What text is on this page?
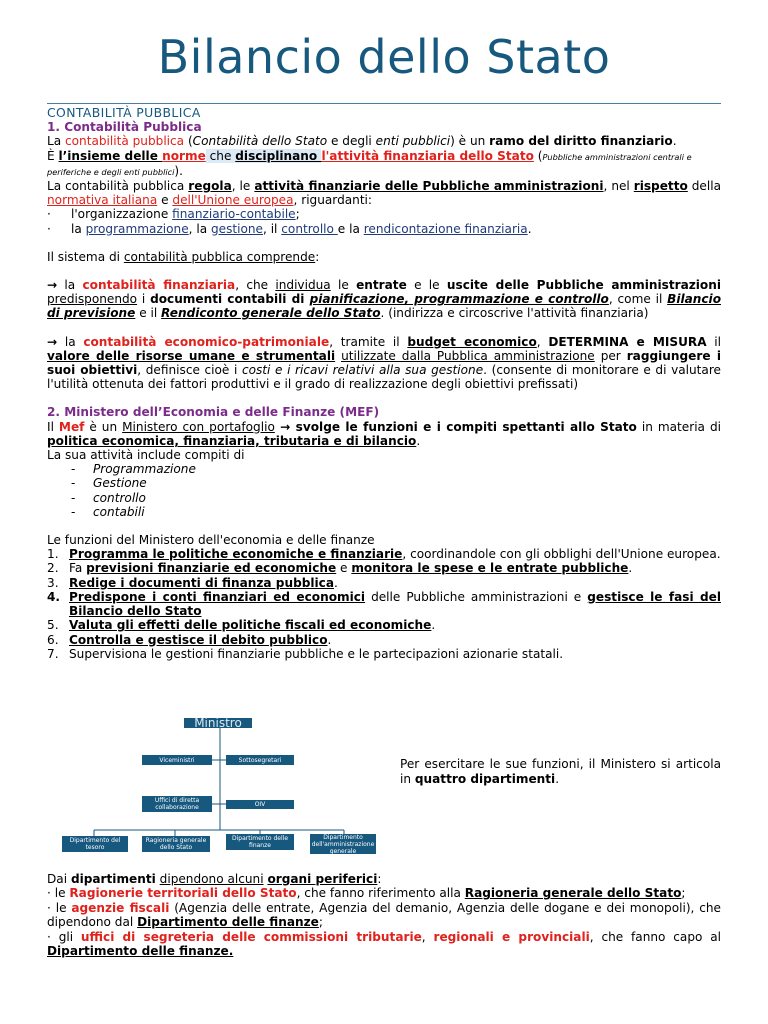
Bilancio dello Stato

CONTABILITÀ PUBBLICA

1. Contabilità Pubblica

La contabilità pubblica (Contabilità dello Stato e degli enti pubblici) è un ramo del diritto finanziario.

È l’insieme delle norme che disciplinano l'attività finanziaria dello Stato (Pubbliche amministrazioni centrali e periferiche e degli enti pubblici).

La contabilità pubblica regola, le attività finanziarie delle Pubbliche amministrazioni, nel rispetto della normativa italiana e dell'Unione europea, riguardanti:

·	l'organizzazione finanziario-contabile;
·	la programmazione, la gestione, il controllo e la rendicontazione finanziaria.

Il sistema di contabilità pubblica comprende:

→ la contabilità finanziaria, che individua le entrate e le uscite delle Pubbliche amministrazioni predisponendo i documenti contabili di pianificazione, programmazione e controllo, come il Bilancio di previsione e il Rendiconto generale dello Stato. (indirizza e circoscrive l'attività finanziaria)

→ la contabilità economico-patrimoniale, tramite il budget economico, DETERMINA e MISURA il valore delle risorse umane e strumentali utilizzate dalla Pubblica amministrazione per raggiungere i suoi obiettivi, definisce cioè i costi e i ricavi relativi alla sua gestione. (consente di monitorare e di valutare l'utilità ottenuta dei fattori produttivi e il grado di realizzazione degli obiettivi prefissati)

2. Ministero dell’Economia e delle Finanze (MEF)

Il Mef è un Ministero con portafoglio → svolge le funzioni e i compiti spettanti allo Stato in materia di politica economica, finanziaria, tributaria e di bilancio.

La sua attività include compiti di

-	Programmazione
-	Gestione
-	controllo
-	contabili

Le funzioni del Ministero dell'economia e delle finanze

1. Programma le politiche economiche e finanziarie, coordinandole con gli obblighi dell'Unione europea.
2. Fa previsioni finanziarie ed economiche e monitora le spese e le entrate pubbliche.
3. Redige i documenti di finanza pubblica.
4. Predispone i conti finanziari ed economici delle Pubbliche amministrazioni e gestisce le fasi del Bilancio dello Stato
5. Valuta gli effetti delle politiche fiscali ed economiche.
6. Controlla e gestisce il debito pubblico.
7. Supervisiona le gestioni finanziarie pubbliche e le partecipazioni azionarie statali.
Ministro
Viceministri	Sottosegretari
Uffici di diretta collaborazione	OIV
Dipartimento del tesoro
Ragioneria generale dello Stato
Dipartimento delle finanze
Dipartimento dell'amministrazione generale

Per esercitare le sue funzioni, il Ministero si articola in quattro dipartimenti.

Dai dipartimenti dipendono alcuni organi periferici:

· le Ragionerie territoriali dello Stato, che fanno riferimento alla Ragioneria generale dello Stato;

· le agenzie fiscali (Agenzia delle entrate, Agenzia del demanio, Agenzia delle dogane e dei monopoli), che dipendono dal Dipartimento delle finanze;

· gli uffici di segreteria delle commissioni tributarie, regionali e provinciali, che fanno capo al Dipartimento delle finanze.
